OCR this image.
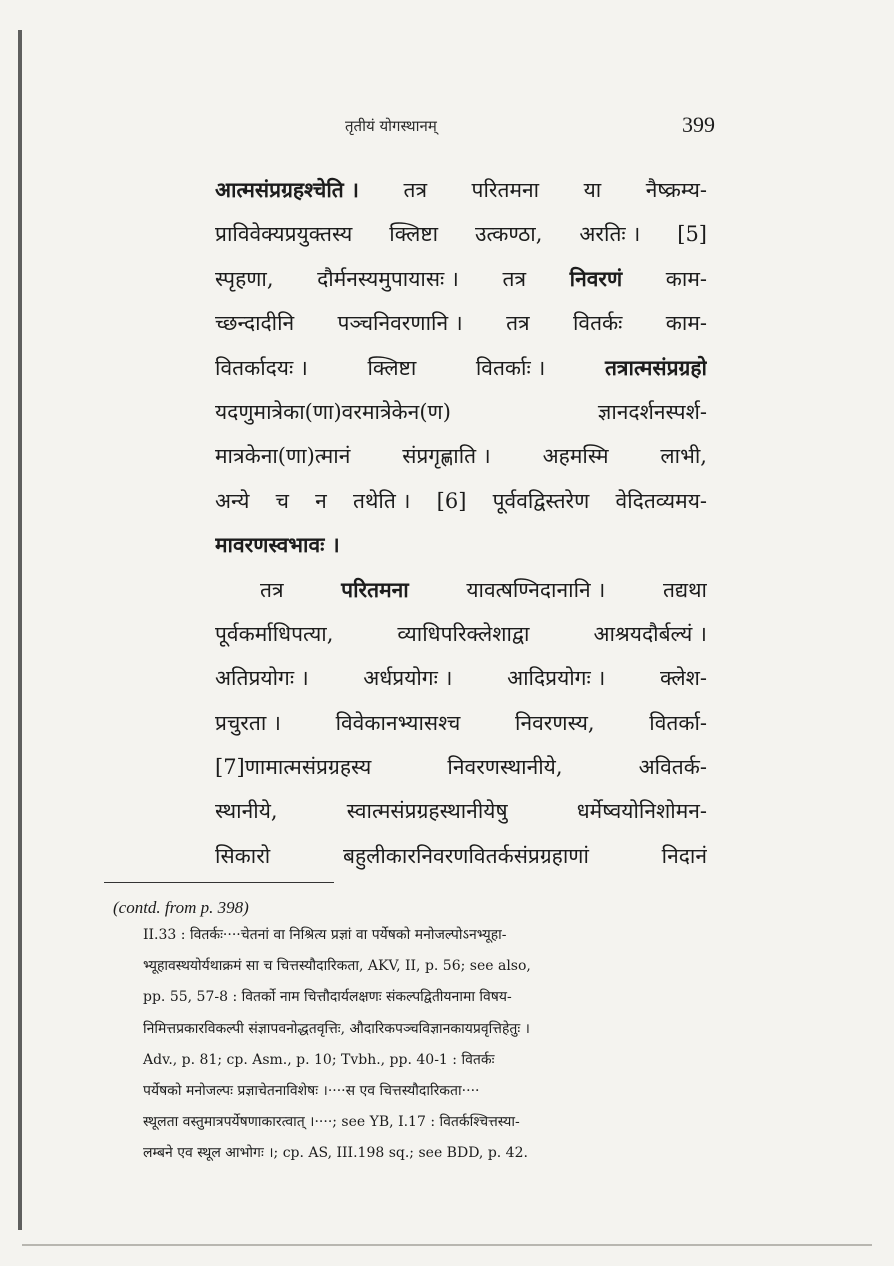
तृतीयं योगस्थानम्	399
आत्मसंप्रग्रहश्चेति । तत्र परितमना या नैष्क्रम्य-
प्राविवेक्यप्रयुक्तस्य क्लिष्टा उत्कण्ठा, अरतिः । [5]
स्पृहणा, दौर्मनस्यमुपायासः । तत्र निवरणं काम-
च्छन्दादीनि पञ्चनिवरणानि । तत्र वितर्कः काम-
वितर्कादयः ।	क्लिष्टा	वितर्काः ।	तत्रात्मसंप्रग्रहो
यदणुमात्रेका(णा)वरमात्रेकेन(ण)	ज्ञानदर्शनस्पर्श-
मात्रकेना(णा)त्मानं संप्रगृह्णाति । अहमस्मि लाभी,
अन्ये च न तथेति । [6] पूर्ववद्विस्तरेण वेदितव्यमय-
मावरणस्वभावः ।
तत्र	परितमना	यावत्षण्निदानानि ।	तद्यथा
पूर्वकर्माधिपत्या,	व्याधिपरिक्लेशाद्वा	आश्रयदौर्बल्यं ।
अतिप्रयोगः ।	अर्धप्रयोगः ।	आदिप्रयोगः ।	क्लेश-
प्रचुरता ।	विवेकानभ्यासश्च	निवरणस्य,	वितर्का-
[7]णामात्मसंप्रग्रहस्य	निवरणस्थानीये,	अवितर्क-
स्थानीये,	स्वात्मसंप्रग्रहस्थानीयेषु	धर्मेष्वयोनिशोमन-
सिकारो	बहुलीकारनिवरणवितर्कसंप्रग्रहाणां	निदानं
(contd. from p. 398)
II.33 : वितर्कः····चेतनां वा निश्रित्य प्रज्ञां वा पर्येषको मनोजल्पोऽनभ्यूहा-
भ्यूहावस्थयोर्यथाक्रमं सा च चित्तस्यौदारिकता, AKV, II, p. 56; see also,
pp. 55, 57-8 : वितर्को नाम चित्तौदार्यलक्षणः संकल्पद्वितीयनामा विषय-
निमित्तप्रकारविकल्पी संज्ञापवनोद्धतवृत्तिः, औदारिकपञ्चविज्ञानकायप्रवृत्तिहेतुः ।
Adv., p. 81; cp. Asm., p. 10; Tvbh., pp. 40-1 : वितर्कः
पर्येषको मनोजल्पः प्रज्ञाचेतनाविशेषः ।····स एव चित्तस्यौदारिकता····
स्थूलता वस्तुमात्रपर्येषणाकारत्वात् ।····; see YB, I.17 : वितर्कश्चित्तस्या-
लम्बने एव स्थूल आभोगः ।; cp. AS, III.198 sq.; see BDD, p. 42.
